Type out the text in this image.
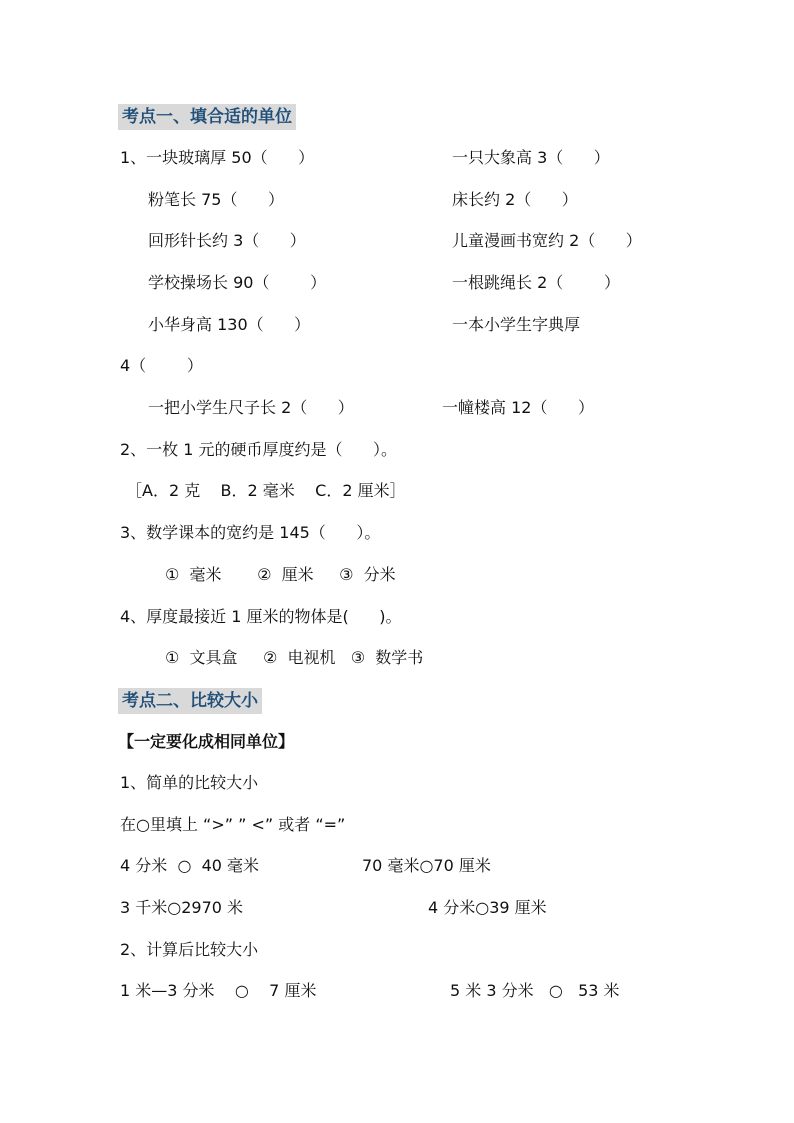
考点一、填合适的单位
1、一块玻璃厚 50（      ）	一只大象高 3（      ）
粉笔长 75（      ）	床长约 2（      ）
回形针长约 3（      ）	儿童漫画书宽约 2（      ）
学校操场长 90（        ）	一根跳绳长 2（        ）
小华身高 130（      ）	一本小学生字典厚
4（        ）
一把小学生尺子长 2（      ）	一幢楼高 12（      ）
2、一枚 1 元的硬币厚度约是（      ）。
［A．2 克    B．2 毫米    C．2 厘米］
3、数学课本的宽约是 145（      ）。
①  毫米       ②  厘米     ③  分米
4、厚度最接近 1 厘米的物体是(      )。
①  文具盒     ②  电视机   ③  数学书
考点二、比较大小
【一定要化成相同单位】
1、简单的比较大小
在○里填上 “>” ” <” 或者 “=”
4 分米  ○  40 毫米	70 毫米○70 厘米
3 千米○2970 米	4 分米○39 厘米
2、计算后比较大小
1 米—3 分米    ○    7 厘米	5 米 3 分米   ○   53 米
